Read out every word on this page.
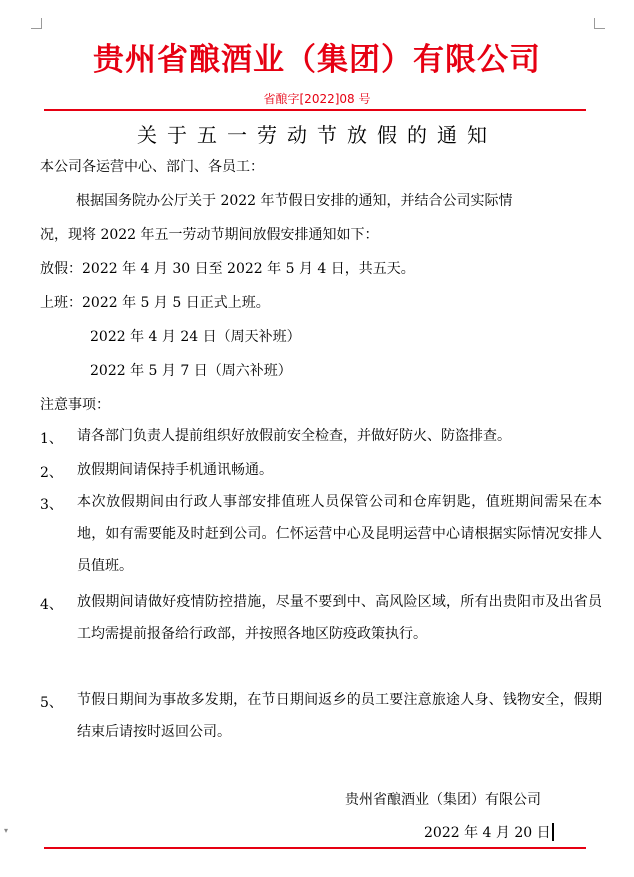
▾
贵州省酿酒业（集团）有限公司
省酿字[2022]08 号
关于五一劳动节放假的通知
本公司各运营中心、部门、各员工：
根据国务院办公厅关于 2022 年节假日安排的通知，并结合公司实际情
况，现将 2022 年五一劳动节期间放假安排通知如下：
放假：2022 年 4 月 30 日至 2022 年 5 月 4 日，共五天。
上班：2022 年 5 月 5 日正式上班。
2022 年 4 月 24 日（周天补班）
2022 年 5 月 7 日（周六补班）
注意事项：
1、 请各部门负责人提前组织好放假前安全检查，并做好防火、防盗排查。
2、 放假期间请保持手机通讯畅通。
3、 本次放假期间由行政人事部安排值班人员保管公司和仓库钥匙，值班期间需呆在本地，如有需要能及时赶到公司。仁怀运营中心及昆明运营中心请根据实际情况安排人员值班。
4、 放假期间请做好疫情防控措施，尽量不要到中、高风险区域，所有出贵阳市及出省员工均需提前报备给行政部，并按照各地区防疫政策执行。
5、 节假日期间为事故多发期，在节日期间返乡的员工要注意旅途人身、钱物安全，假期结束后请按时返回公司。
贵州省酿酒业（集团）有限公司
2022 年 4 月 20 日
